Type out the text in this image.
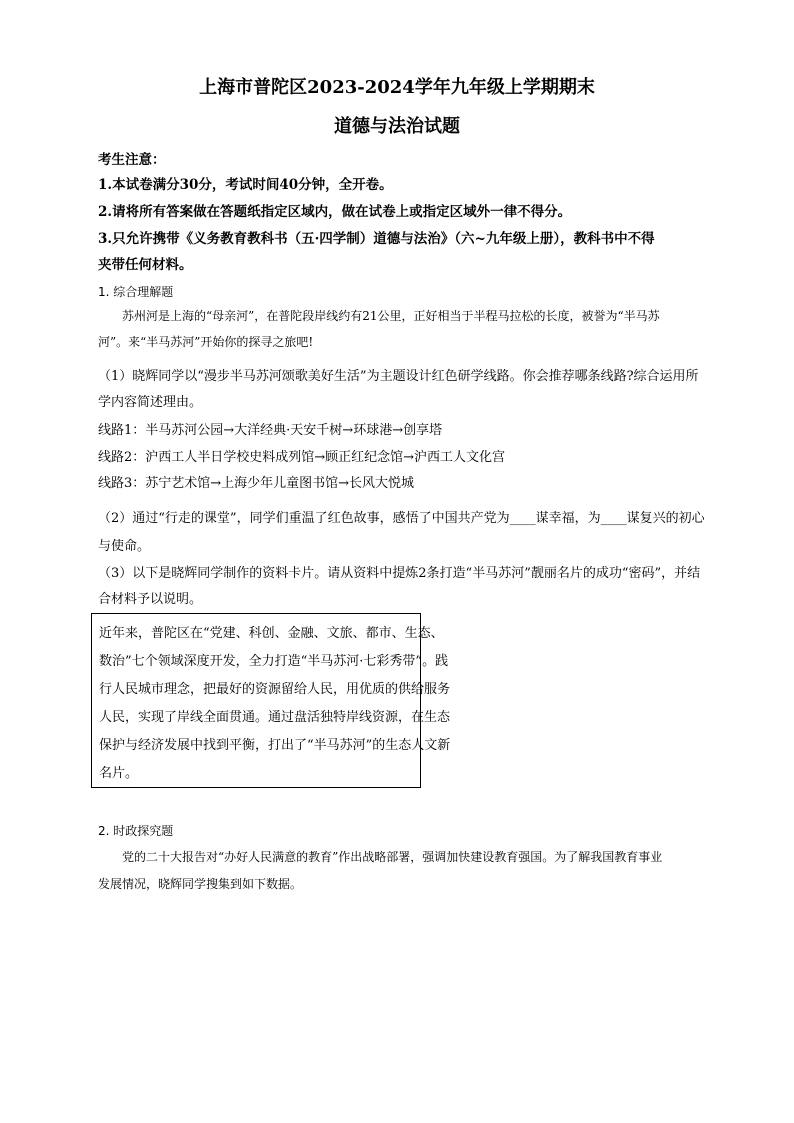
上海市普陀区2023-2024学年九年级上学期期末
道德与法治试题
考生注意：
1.本试卷满分30分，考试时间40分钟，全开卷。
2.请将所有答案做在答题纸指定区域内，做在试卷上或指定区域外一律不得分。
3.只允许携带《义务教育教科书（五·四学制）道德与法治》（六~九年级上册），教科书中不得
夹带任何材料。
1. 综合理解题
苏州河是上海的“母亲河”，在普陀段岸线约有21公里，正好相当于半程马拉松的长度，被誉为“半马苏
河”。来“半马苏河”开始你的探寻之旅吧!
（1）晓辉同学以“漫步半马苏河颂歌美好生活”为主题设计红色研学线路。你会推荐哪条线路?综合运用所
学内容简述理由。
线路1：半马苏河公园→大洋经典·天安千树→环球港→创享塔
线路2：沪西工人半日学校史料成列馆→顾正红纪念馆→沪西工人文化宫
线路3：苏宁艺术馆→上海少年儿童图书馆→长风大悦城
（2）通过“行走的课堂”，同学们重温了红色故事，感悟了中国共产党为____谋幸福，为____谋复兴的初心
与使命。
（3）以下是晓辉同学制作的资料卡片。请从资料中提炼2条打造“半马苏河”靓丽名片的成功“密码”，并结
合材料予以说明。
近年来，普陀区在“党建、科创、金融、文旅、都市、生态、
数治”七个领域深度开发，全力打造“半马苏河·七彩秀带”。践
行人民城市理念，把最好的资源留给人民，用优质的供给服务
人民，实现了岸线全面贯通。通过盘活独特岸线资源，在生态
保护与经济发展中找到平衡，打出了“半马苏河”的生态人文新
名片。
2. 时政探究题
党的二十大报告对“办好人民满意的教育”作出战略部署，强调加快建设教育强国。为了解我国教育事业
发展情况，晓辉同学搜集到如下数据。
